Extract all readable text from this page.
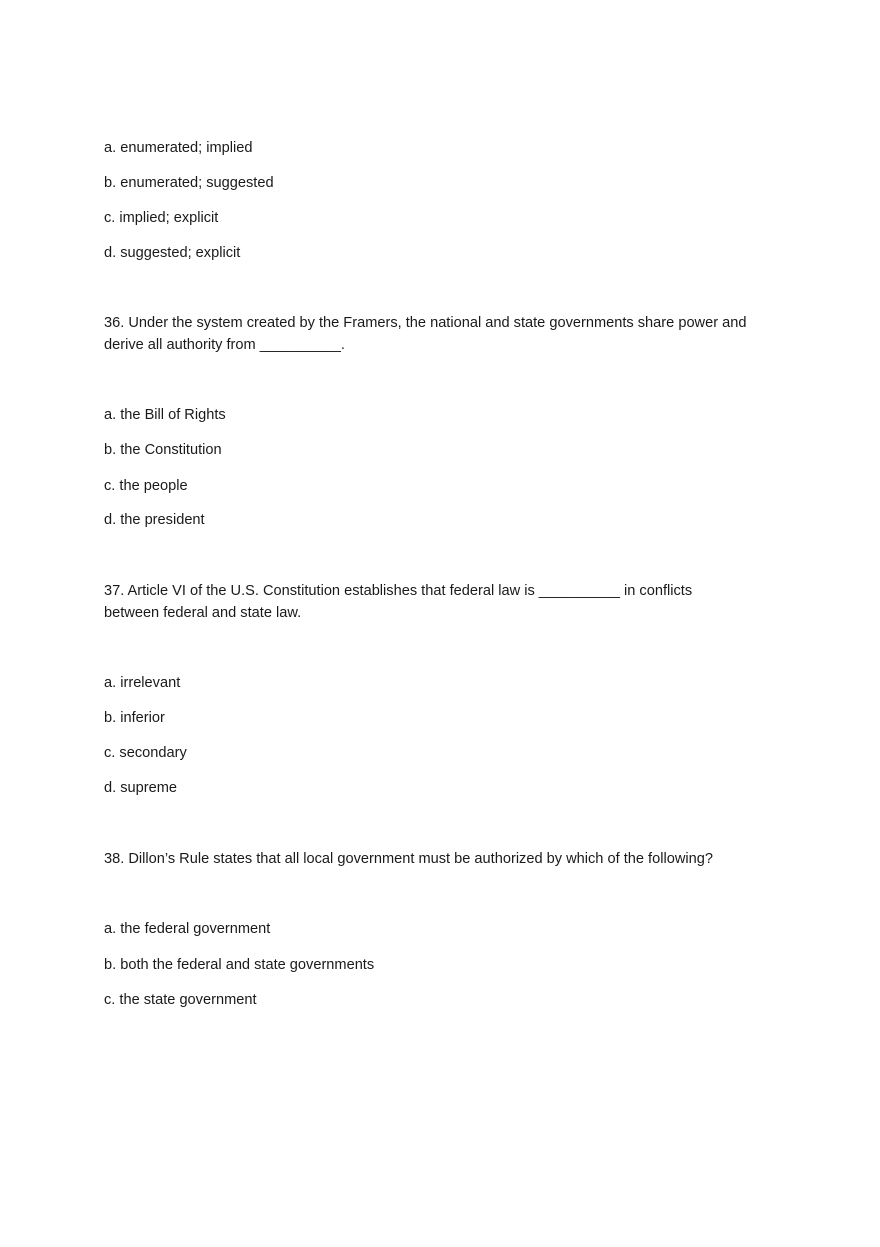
a. enumerated; implied
b. enumerated; suggested
c. implied; explicit
d. suggested; explicit
36. Under the system created by the Framers, the national and state governments share power and
derive all authority from __________.
a. the Bill of Rights
b. the Constitution
c. the people
d. the president
37. Article VI of the U.S. Constitution establishes that federal law is __________ in conflicts
between federal and state law.
a. irrelevant
b. inferior
c. secondary
d. supreme
38. Dillon’s Rule states that all local government must be authorized by which of the following?
a. the federal government
b. both the federal and state governments
c. the state government
